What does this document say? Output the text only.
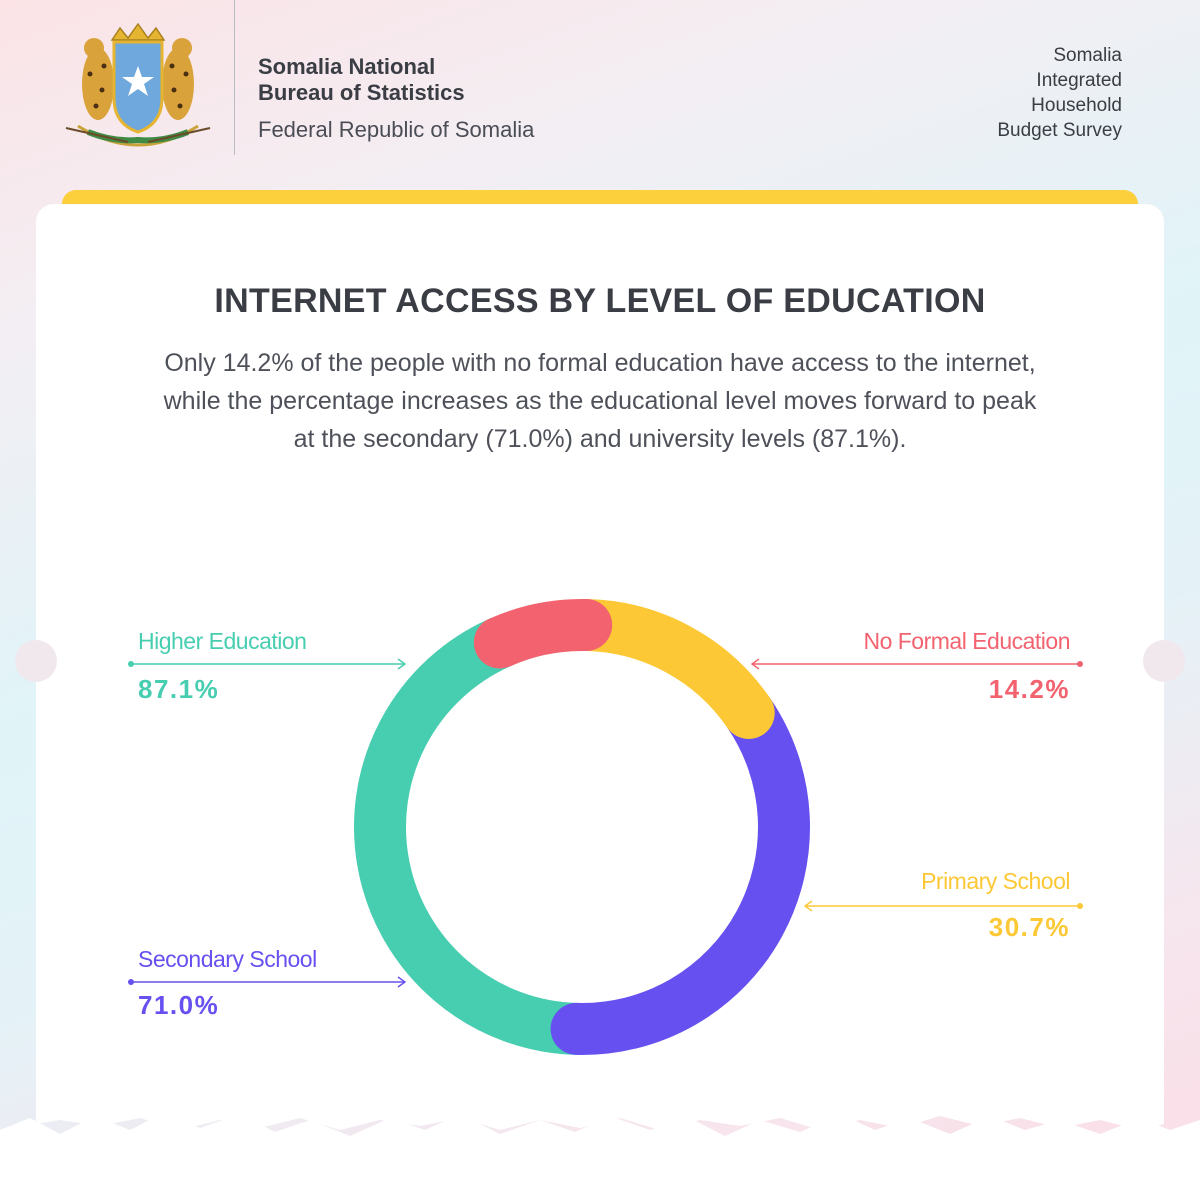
Somalia National
Bureau of Statistics
Federal Republic of Somalia
Somalia
Integrated
Household
Budget Survey
INTERNET ACCESS BY LEVEL OF EDUCATION
Only 14.2% of the people with no formal education have access to the internet, while the percentage increases as the educational level moves forward to peak at the secondary (71.0%) and university levels (87.1%).
Higher Education
87.1%
No Formal Education
14.2%
Primary School
30.7%
Secondary School
71.0%
